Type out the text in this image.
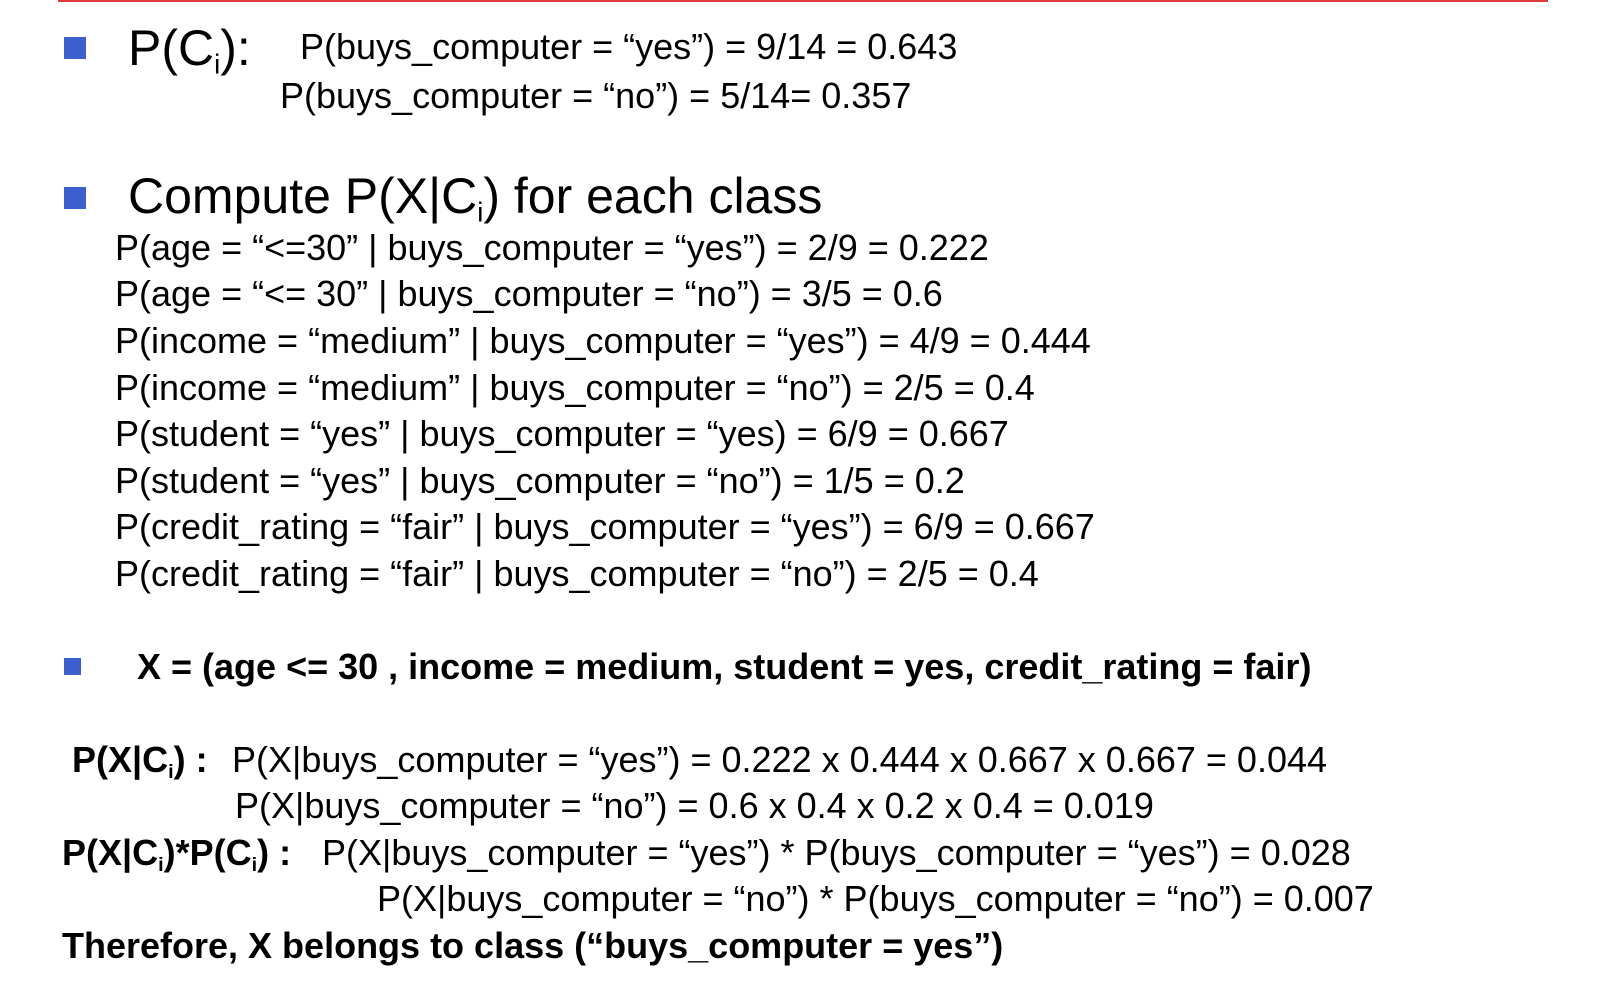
$P(C_i)$: P(buys_computer = “yes”) = 9/14 = 0.643
P(buys_computer = “no”) = 5/14= 0.357
Compute $P(X|C_i)$ for each class
P(age = “<=30” | buys_computer = “yes”) = 2/9 = 0.222
P(age = “<= 30” | buys_computer = “no”) = 3/5 = 0.6
P(income = “medium” | buys_computer = “yes”) = 4/9 = 0.444
P(income = “medium” | buys_computer = “no”) = 2/5 = 0.4
P(student = “yes” | buys_computer = “yes) = 6/9 = 0.667
P(student = “yes” | buys_computer = “no”) = 1/5 = 0.2
P(credit_rating = “fair” | buys_computer = “yes”) = 6/9 = 0.667
P(credit_rating = “fair” | buys_computer = “no”) = 2/5 = 0.4
X = (age <= 30 , income = medium, student = yes, credit_rating = fair)
$P(X|C_i)$ : P(X|buys_computer = “yes”) = 0.222 x 0.444 x 0.667 x 0.667 = 0.044
P(X|buys_computer = “no”) = 0.6 x 0.4 x 0.2 x 0.4 = 0.019
$P(X|C_i)*P(C_i)$ : P(X|buys_computer = “yes”) * P(buys_computer = “yes”) = 0.028
P(X|buys_computer = “no”) * P(buys_computer = “no”) = 0.007
Therefore, X belongs to class (“buys_computer = yes”)
